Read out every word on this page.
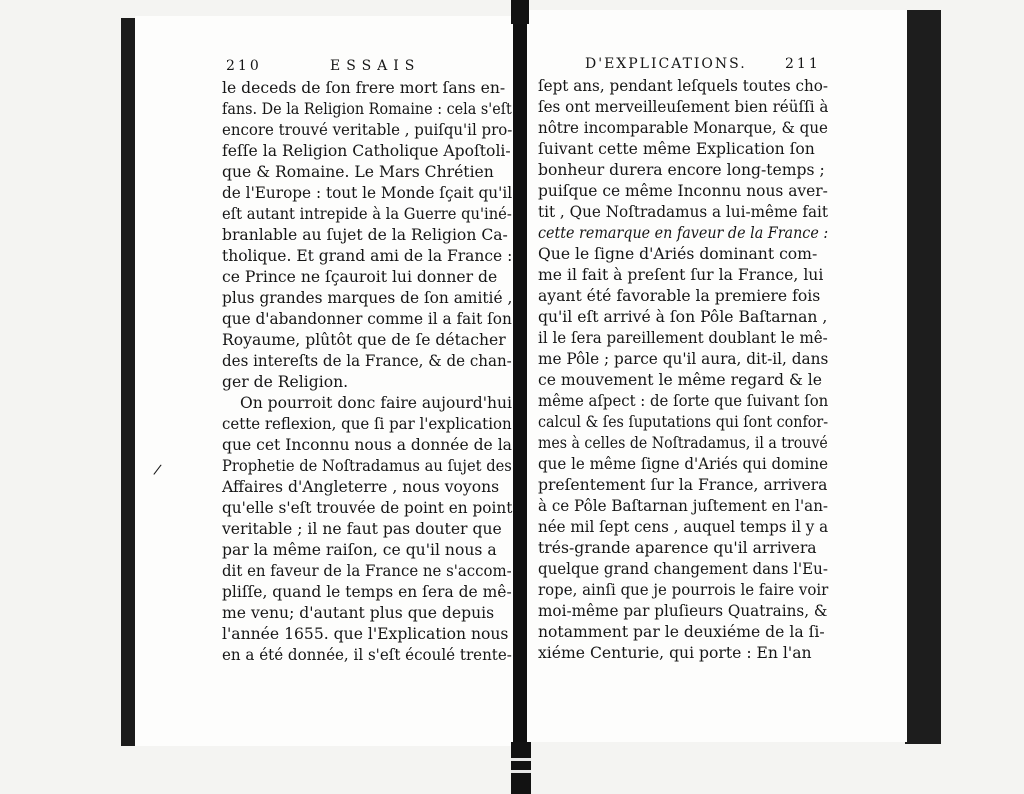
210	ESSAIS	D'EXPLICATIONS.	211
le deceds de ſon frere mort ſans en-
fans. De la Religion Romaine : cela s'eſt
encore trouvé veritable , puiſqu'il pro-
feſſe la Religion Catholique Apoſtoli-
que & Romaine. Le Mars Chrétien
de l'Europe : tout le Monde ſçait qu'il
eſt autant intrepide à la Guerre qu'iné-
branlable au ſujet de la Religion Ca-
tholique. Et grand ami de la France :
ce Prince ne ſçauroit lui donner de
plus grandes marques de ſon amitié ,
que d'abandonner comme il a fait ſon
Royaume, plûtôt que de ſe détacher
des intereſts de la France, & de chan-
ger de Religion.
On pourroit donc faire aujourd'hui
cette reflexion, que ſi par l'explication
que cet Inconnu nous a donnée de la
Prophetie de Noſtradamus au ſujet des
Affaires d'Angleterre , nous voyons
qu'elle s'eſt trouvée de point en point
veritable ; il ne faut pas douter que
par la même raiſon, ce qu'il nous a
dit en faveur de la France ne s'accom-
pliſſe, quand le temps en ſera de mê-
me venu; d'autant plus que depuis
l'année 1655. que l'Explication nous
en a été donnée, il s'eſt écoulé trente-
ſept ans, pendant leſquels toutes cho-
ſes ont merveilleuſement bien réüſſi à
nôtre incomparable Monarque, & que
ſuivant cette même Explication ſon
bonheur durera encore long-temps ;
puiſque ce même Inconnu nous aver-
tit , Que Noſtradamus a lui-même fait
cette remarque en faveur de la France :
Que le ſigne d'Ariés dominant com-
me il fait à preſent ſur la France, lui
ayant été favorable la premiere fois
qu'il eſt arrivé à ſon Pôle Baſtarnan ,
il le ſera pareillement doublant le mê-
me Pôle ; parce qu'il aura, dit-il, dans
ce mouvement le même regard & le
même aſpect : de ſorte que ſuivant ſon
calcul & ſes ſuputations qui ſont confor-
mes à celles de Noſtradamus, il a trouvé
que le même ſigne d'Ariés qui domine
preſentement ſur la France, arrivera
à ce Pôle Baſtarnan juſtement en l'an-
née mil ſept cens , auquel temps il y a
trés-grande aparence qu'il arrivera
quelque grand changement dans l'Eu-
rope, ainſi que je pourrois le faire voir
moi-même par pluſieurs Quatrains, &
notamment par le deuxiéme de la ſi-
xiéme Centurie, qui porte : En l'an
/
